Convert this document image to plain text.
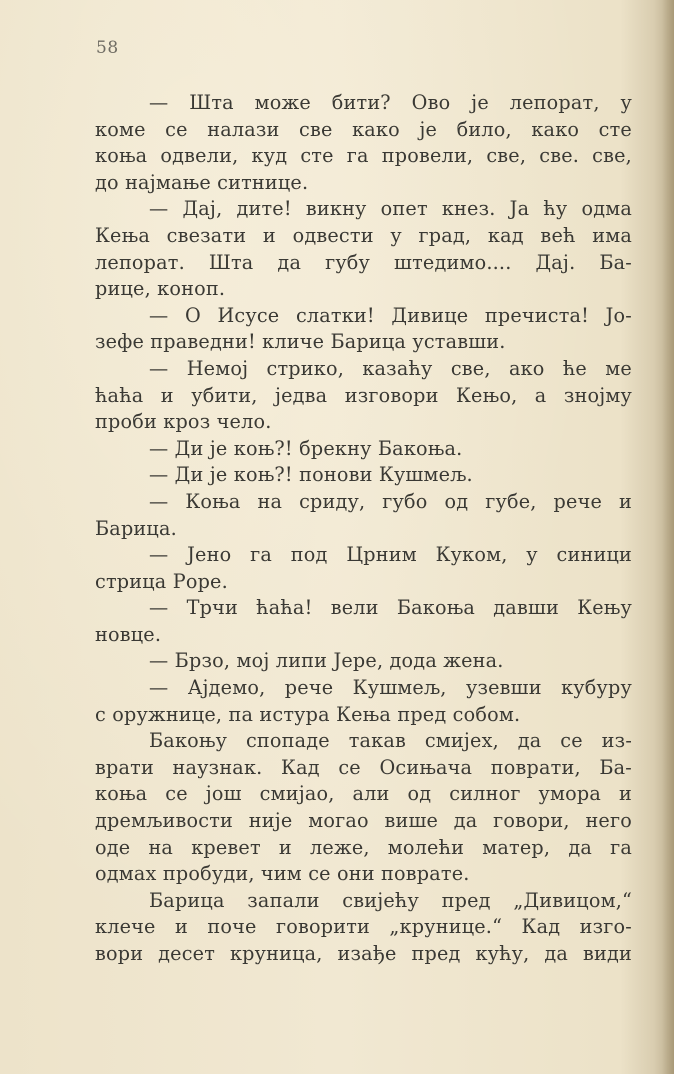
58
— Шта може бити? Ово је лепорат, у
коме се налази све како је било, како сте
коња одвели, куд сте га провели, све, све. све,
до најмање ситнице.
— Дај, дите! викну опет кнез. Ја ћу одма
Кења свезати и одвести у град, кад већ има
лепорат. Шта да губу штедимо.... Дај. Ба-
рице, коноп.
— О Исусе слатки! Дивице пречиста! Јо-
зефе праведни! кличе Барица уставши.
— Немој стрико, казаћу све, ако ће ме
ћаћа и убити, једва изговори Кењо, а знојму
проби кроз чело.
— Ди је коњ?! брекну Бакоња.
— Ди је коњ?! понови Кушмељ.
— Коња на сриду, губо од губе, рече и
Барица.
— Јено га под Црним Куком, у синици
стрица Роре.
— Трчи ћаћа! вели Бакоња давши Кењу
новце.
— Брзо, мој липи Јере, дода жена.
— Ајдемо, рече Кушмељ, узевши кубуру
с оружнице, па истура Кења пред собом.
Бакоњу спопаде такав смијех, да се из-
врати наузнак. Кад се Осињача поврати, Ба-
коња се још смијао, али од силног умора и
дремљивости није могао више да говори, него
оде на кревет и леже, молећи матер, да га
одмах пробуди, чим се они поврате.
Барица запали свијећу пред „Дивицом,“
клече и поче говорити „крунице.“ Кад изго-
вори десет круница, изађе пред кућу, да види
